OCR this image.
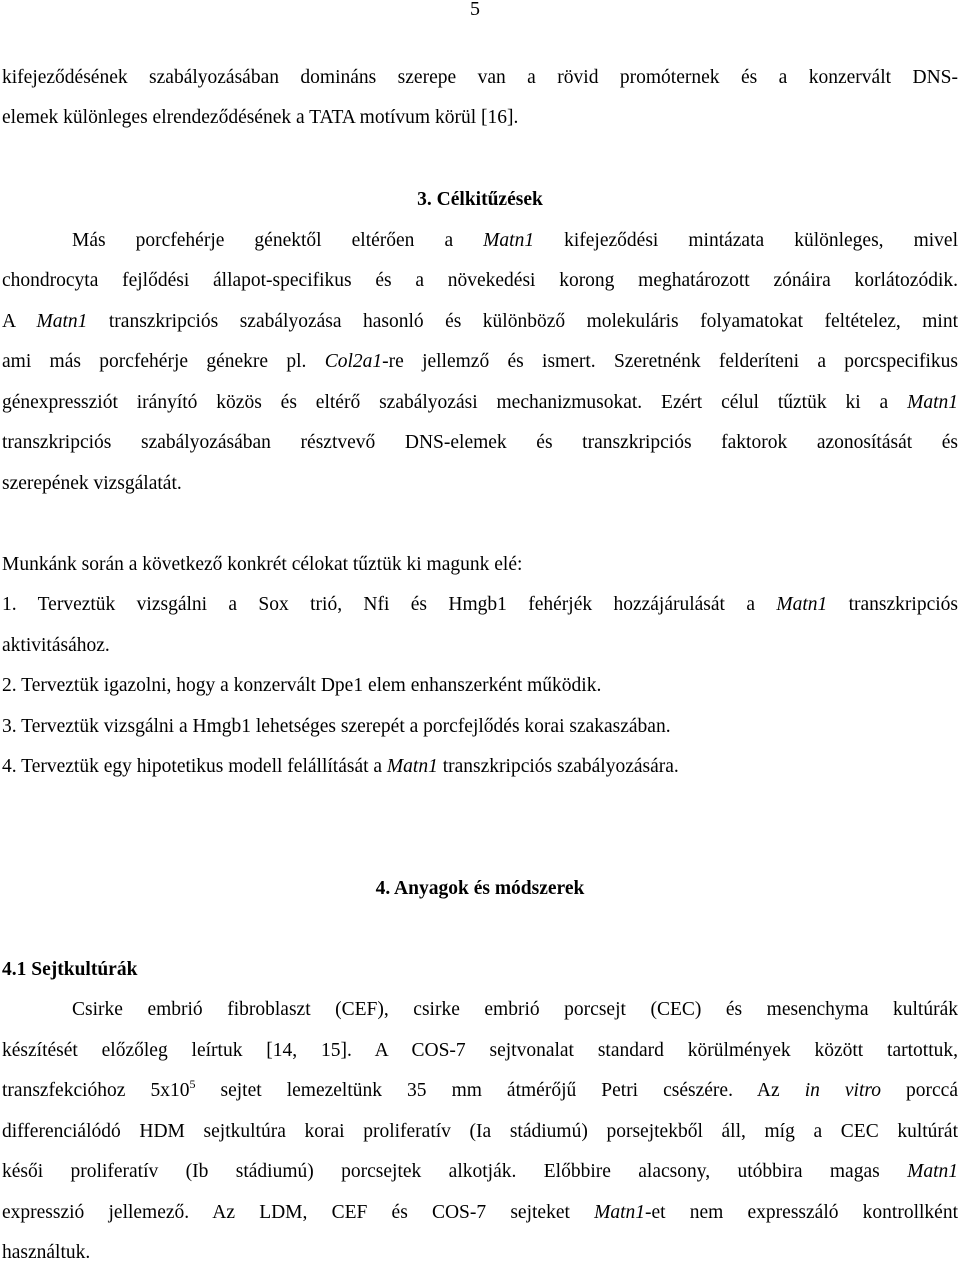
5
kifejeződésének szabályozásában domináns szerepe van a rövid promóternek és a konzervált DNS-
elemek különleges elrendeződésének a TATA motívum körül [16].
3. Célkitűzések
Más porcfehérje génektől eltérően a Matn1 kifejeződési mintázata különleges, mivel
chondrocyta fejlődési állapot-specifikus és a növekedési korong meghatározott zónáira korlátozódik.
A Matn1 transzkripciós szabályozása hasonló és különböző molekuláris folyamatokat feltételez, mint
ami más porcfehérje génekre pl. Col2a1-re jellemző és ismert. Szeretnénk felderíteni a porcspecifikus
génexpressziót irányító közös és eltérő szabályozási mechanizmusokat. Ezért célul tűztük ki a Matn1
transzkripciós szabályozásában résztvevő DNS-elemek és transzkripciós faktorok azonosítását és
szerepének vizsgálatát.
Munkánk során a következő konkrét célokat tűztük ki magunk elé:
1. Terveztük vizsgálni a Sox trió, Nfi és Hmgb1 fehérjék hozzájárulását a Matn1 transzkripciós
aktivitásához.
2. Terveztük igazolni, hogy a konzervált Dpe1 elem enhanszerként működik.
3. Terveztük vizsgálni a Hmgb1 lehetséges szerepét a porcfejlődés korai szakaszában.
4. Terveztük egy hipotetikus modell felállítását a Matn1 transzkripciós szabályozására.
4. Anyagok és módszerek
4.1 Sejtkultúrák
Csirke embrió fibroblaszt (CEF), csirke embrió porcsejt (CEC) és mesenchyma kultúrák
készítését előzőleg leírtuk [14, 15]. A COS-7 sejtvonalat standard körülmények között tartottuk,
transzfekcióhoz $5x10^5$ sejtet lemezeltünk 35 mm átmérőjű Petri csészére. Az in vitro porccá
differenciálódó HDM sejtkultúra korai proliferatív (Ia stádiumú) porsejtekből áll, míg a CEC kultúrát
késői proliferatív (Ib stádiumú) porcsejtek alkotják. Előbbire alacsony, utóbbira magas Matn1
expresszió jellemező. Az LDM, CEF és COS-7 sejteket Matn1-et nem expresszáló kontrollként
használtuk.
